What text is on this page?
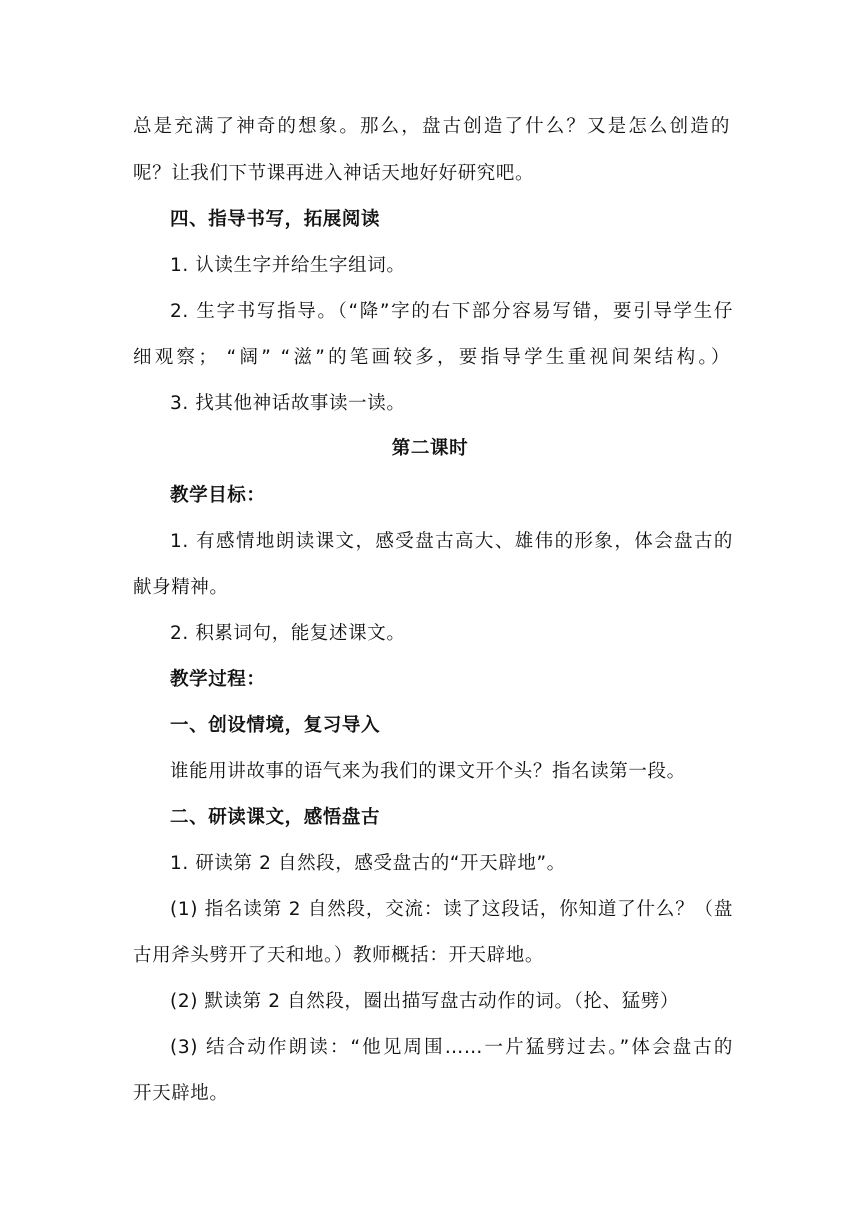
总是充满了神奇的想象。那么，盘古创造了什么？又是怎么创造的
呢？让我们下节课再进入神话天地好好研究吧。
四、指导书写，拓展阅读
1. 认读生字并给生字组词。
2. 生字书写指导。（“降”字的右下部分容易写错，要引导学生仔
细观察； “阔” “滋”的笔画较多，要指导学生重视间架结构。）
3. 找其他神话故事读一读。
第二课时
教学目标：
1. 有感情地朗读课文，感受盘古高大、雄伟的形象，体会盘古的
献身精神。
2. 积累词句，能复述课文。
教学过程：
一、创设情境，复习导入
谁能用讲故事的语气来为我们的课文开个头？指名读第一段。
二、研读课文，感悟盘古
1. 研读第 2 自然段，感受盘古的“开天辟地”。
(1) 指名读第 2 自然段，交流：读了这段话，你知道了什么？（盘
古用斧头劈开了天和地。）教师概括：开天辟地。
(2) 默读第 2 自然段，圈出描写盘古动作的词。（抡、猛劈）
(3) 结合动作朗读：“他见周围……一片猛劈过去。”体会盘古的
开天辟地。
